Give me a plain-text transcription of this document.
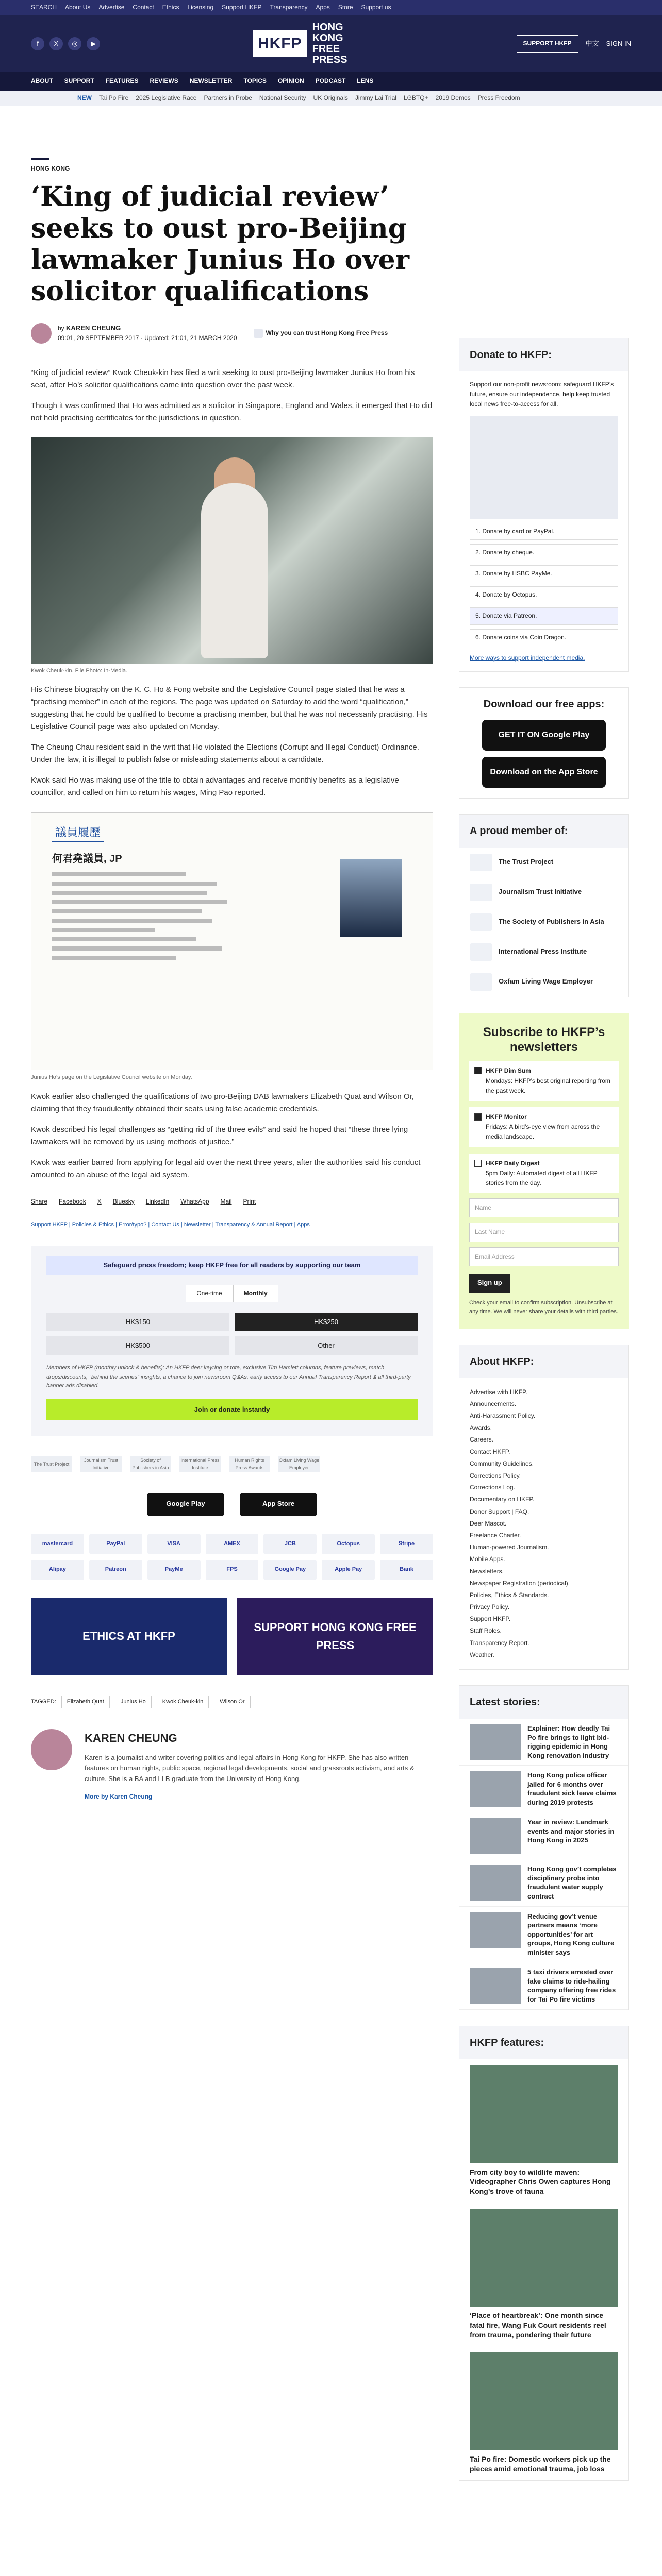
SEARCH About Us Advertise Contact Ethics Licensing Support HKFP Transparency Apps Store Support us
f	X	◎	▶	HKFP
HONG KONG FREE PRESS
SUPPORT HKFP	中文 SIGN IN
ABOUT SUPPORT FEATURES REVIEWS NEWSLETTER TOPICS OPINION PODCAST LENS
NEW Tai Po Fire 2025 Legislative Race Partners in Probe National Security UK Originals Jimmy Lai Trial LGBTQ+ 2019 Demos Press Freedom
HONG KONG
‘King of judicial review’ seeks to oust pro-Beijing lawmaker Junius Ho over solicitor qualifications
by KAREN CHEUNG
09:01, 20 SEPTEMBER 2017 · Updated: 21:01, 21 MARCH 2020
Why you can trust Hong Kong Free Press

“King of judicial review” Kwok Cheuk-kin has filed a writ seeking to oust pro-Beijing lawmaker Junius Ho from his seat, after Ho’s solicitor qualifications came into question over the past week.

Though it was confirmed that Ho was admitted as a solicitor in Singapore, England and Wales, it emerged that Ho did not hold practising certificates for the jurisdictions in question.

Kwok Cheuk-kin. File Photo: In-Media.

His Chinese biography on the K. C. Ho & Fong website and the Legislative Council page stated that he was a “practising member” in each of the regions. The page was updated on Saturday to add the word “qualification,” suggesting that he could be qualified to become a practising member, but that he was not necessarily practising. His Legislative Council page was also updated on Monday.

The Cheung Chau resident said in the writ that Ho violated the Elections (Corrupt and Illegal Conduct) Ordinance. Under the law, it is illegal to publish false or misleading statements about a candidate.

Kwok said Ho was making use of the title to obtain advantages and receive monthly benefits as a legislative councillor, and called on him to return his wages, Ming Pao reported.

議員履歷
何君堯議員, JP
Junius Ho’s page on the Legislative Council website on Monday.

Kwok earlier also challenged the qualifications of two pro-Beijing DAB lawmakers Elizabeth Quat and Wilson Or, claiming that they fraudulently obtained their seats using false academic credentials.

Kwok described his legal challenges as “getting rid of the three evils” and said he hoped that “these three lying lawmakers will be removed by us using methods of justice.”

Kwok was earlier barred from applying for legal aid over the next three years, after the authorities said his conduct amounted to an abuse of the legal aid system.

Share Facebook X Bluesky LinkedIn WhatsApp Mail Print
Support HKFP | Policies & Ethics | Error/typo? | Contact Us | Newsletter | Transparency & Annual Report | Apps
Safeguard press freedom; keep HKFP free for all readers by supporting our team
One-time	Monthly
HK$150	HK$250
HK$500	Other
Members of HKFP (monthly unlock & benefits): An HKFP deer keyring or tote, exclusive Tim Hamlett columns, feature previews, match drops/discounts, “behind the scenes” insights, a chance to join newsroom Q&As, early access to our Annual Transparency Report & all third-party banner ads disabled.
Join or donate instantly
The Trust Project
Journalism Trust Initiative
Society of Publishers in Asia
International Press Institute
Human Rights Press Awards
Oxfam Living Wage Employer
Google Play	App Store
mastercard	PayPal	VISA	AMEX	JCB	Octopus	Stripe
Alipay	Patreon	PayMe	FPS	Google Pay	Apple Pay	Bank
ETHICS AT HKFP
SUPPORT HONG KONG FREE PRESS
TAGGED:	Elizabeth Quat	Junius Ho	Kwok Cheuk-kin	Wilson Or
KAREN CHEUNG
Karen is a journalist and writer covering politics and legal affairs in Hong Kong for HKFP. She has also written features on human rights, public space, regional legal developments, social and grassroots activism, and arts & culture. She is a BA and LLB graduate from the University of Hong Kong.
More by Karen Cheung
Donate to HKFP:
Support our non-profit newsroom: safeguard HKFP’s future, ensure our independence, help keep trusted local news free-to-access for all.
1. Donate by card or PayPal.
2. Donate by cheque.
3. Donate by HSBC PayMe.
4. Donate by Octopus.
5. Donate via Patreon.
6. Donate coins via Coin Dragon.
More ways to support independent media.
Download our free apps:
GET IT ON Google Play
Download on the App Store
A proud member of:
The Trust Project
Journalism Trust Initiative
The Society of Publishers in Asia
International Press Institute
Oxfam Living Wage Employer
Subscribe to HKFP’s newsletters
HKFP Dim Sum
Mondays: HKFP’s best original reporting from the past week.
HKFP Monitor
Fridays: A bird’s-eye view from across the media landscape.
HKFP Daily Digest
5pm Daily: Automated digest of all HKFP stories from the day.
Name
Last Name
Email Address
Sign up
Check your email to confirm subscription. Unsubscribe at any time. We will never share your details with third parties.
About HKFP:
Advertise with HKFP.
Announcements.
Anti-Harassment Policy.
Awards.
Careers.
Contact HKFP.
Community Guidelines.
Corrections Policy.
Corrections Log.
Documentary on HKFP.
Donor Support | FAQ.
Deer Mascot.
Freelance Charter.
Human-powered Journalism.
Mobile Apps.
Newsletters.
Newspaper Registration (periodical).
Policies, Ethics & Standards.
Privacy Policy.
Support HKFP.
Staff Roles.
Transparency Report.
Weather.
Latest stories:
Explainer: How deadly Tai Po fire brings to light bid-rigging epidemic in Hong Kong renovation industry
Hong Kong police officer jailed for 6 months over fraudulent sick leave claims during 2019 protests
Year in review: Landmark events and major stories in Hong Kong in 2025
Hong Kong gov’t completes disciplinary probe into fraudulent water supply contract
Reducing gov’t venue partners means ‘more opportunities’ for art groups, Hong Kong culture minister says
5 taxi drivers arrested over fake claims to ride-hailing company offering free rides for Tai Po fire victims
HKFP features:
From city boy to wildlife maven: Videographer Chris Owen captures Hong Kong’s trove of fauna
‘Place of heartbreak’: One month since fatal fire, Wang Fuk Court residents reel from trauma, pondering their future
Tai Po fire: Domestic workers pick up the pieces amid emotional trauma, job loss
